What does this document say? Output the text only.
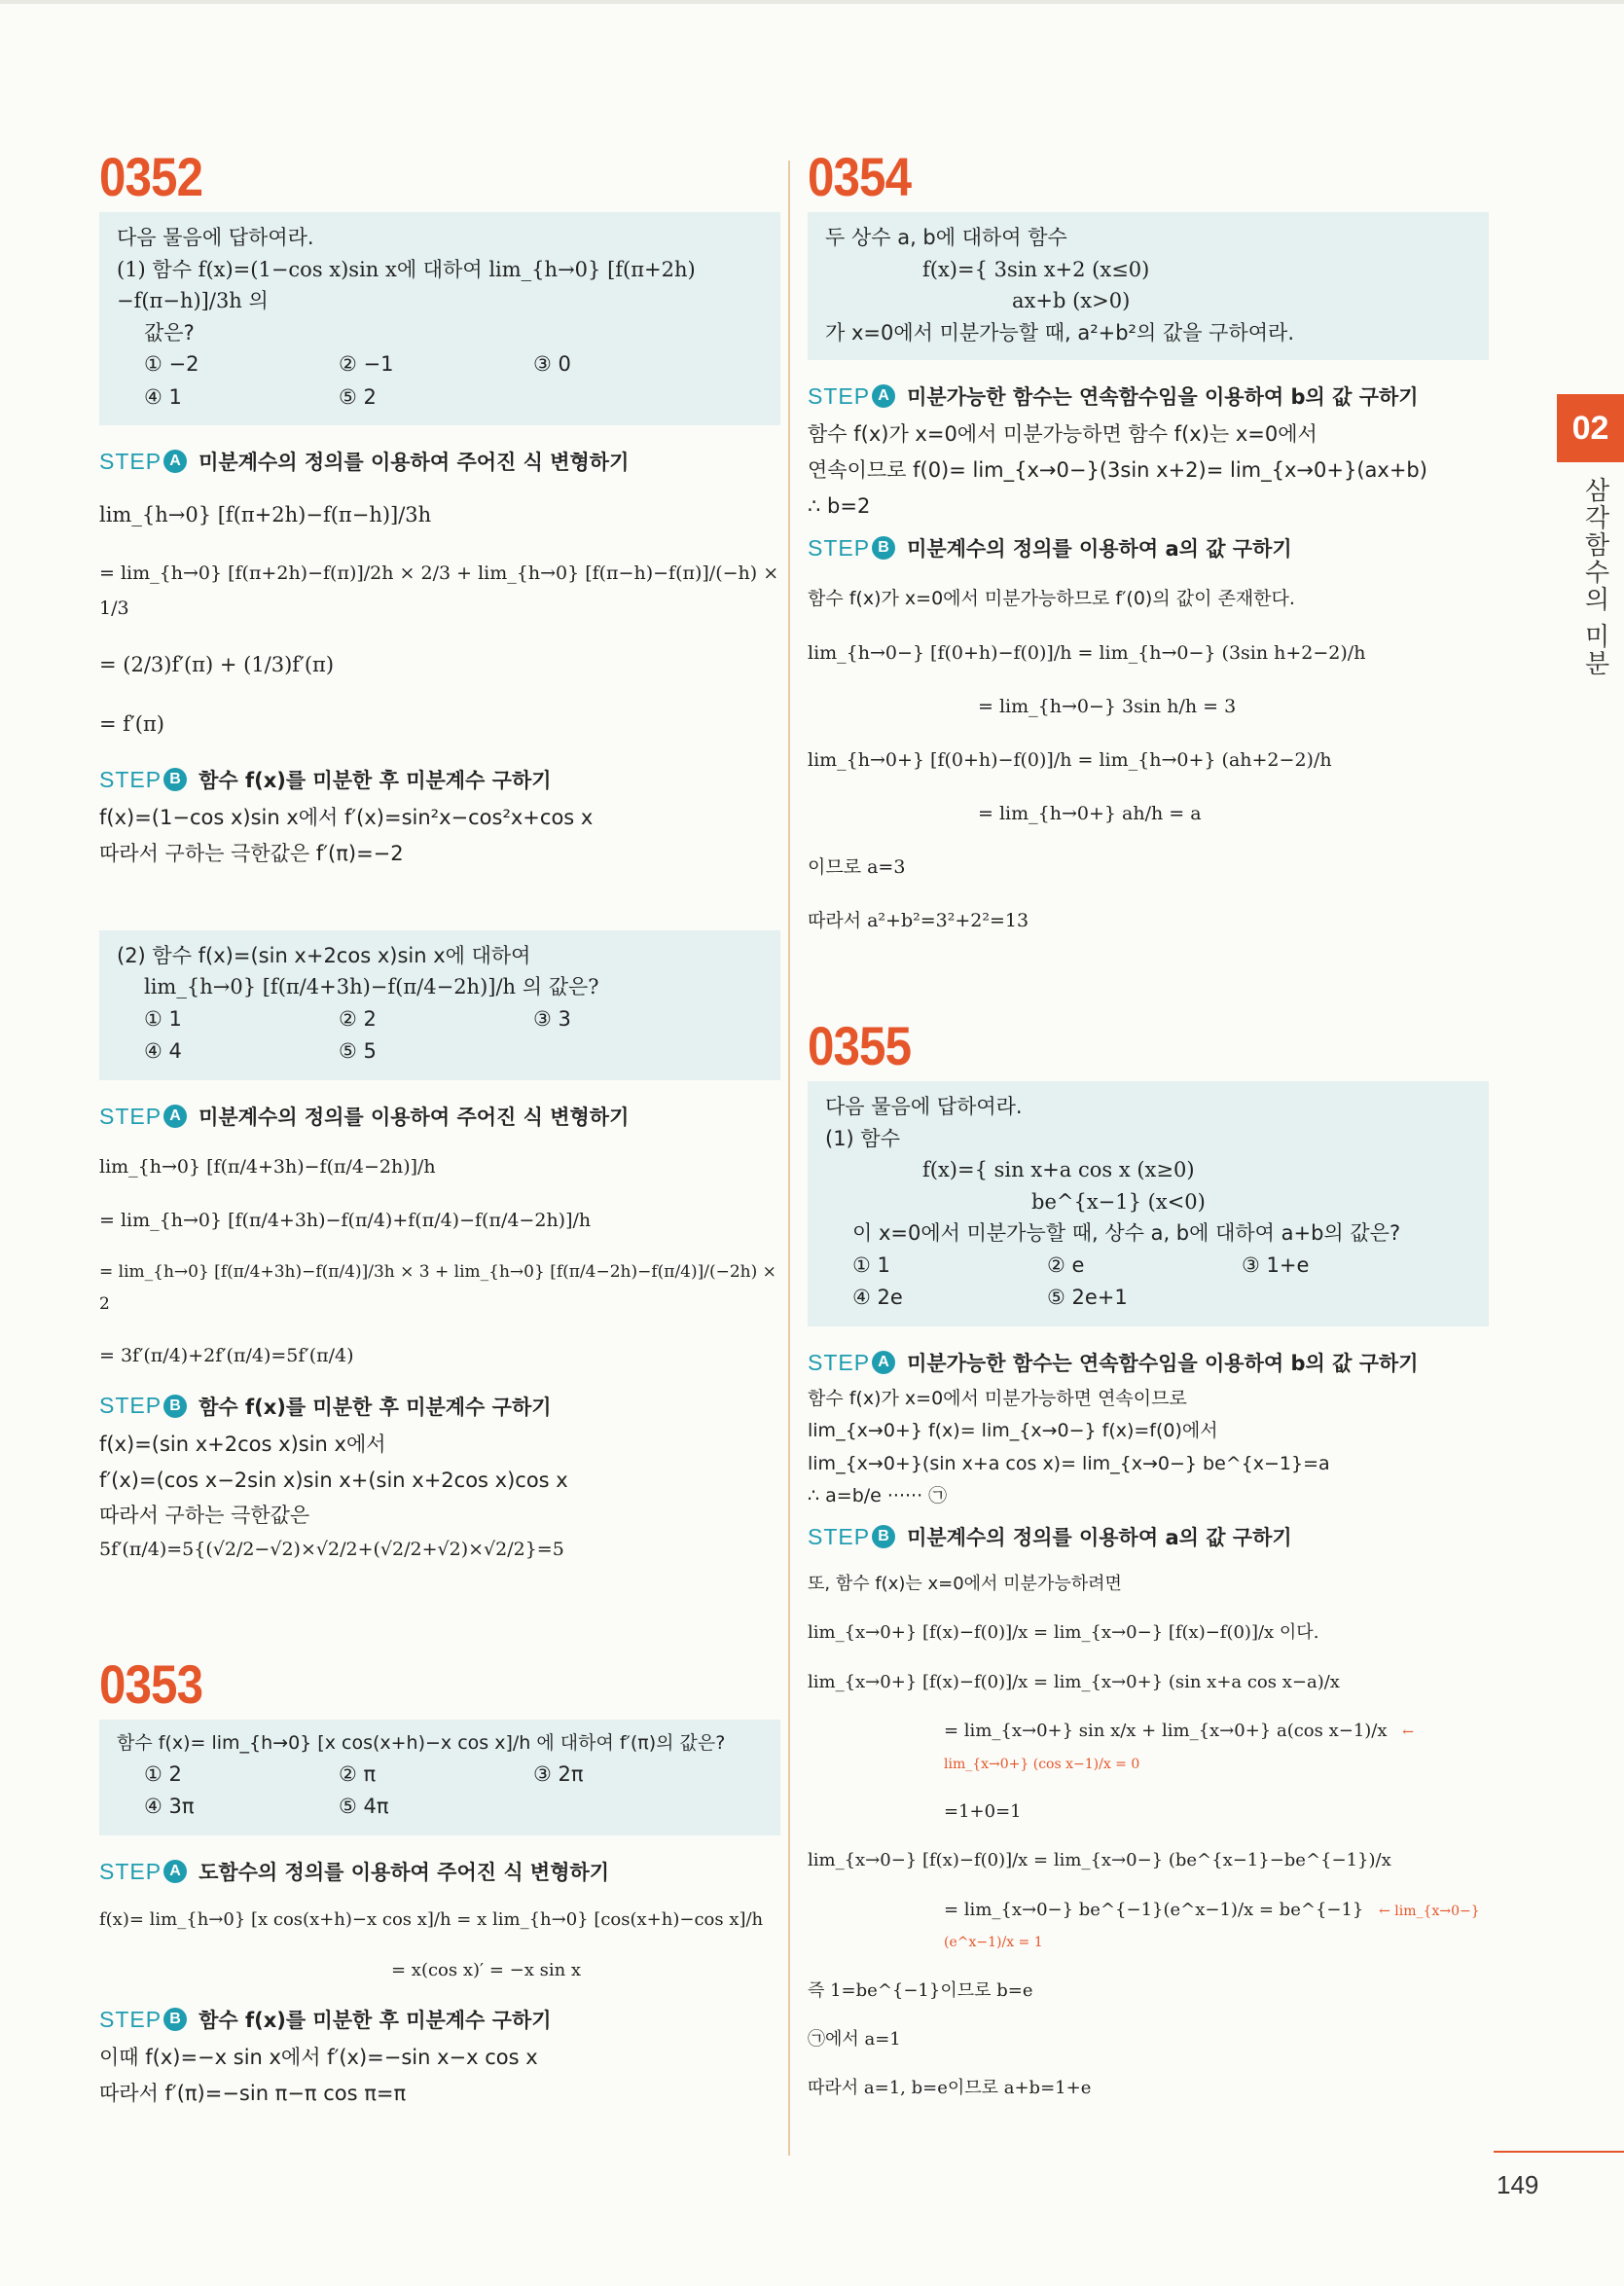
0352

다음 물음에 답하여라.

(1) 함수 f(x)=(1−cos x)sin x에 대하여 lim_{h→0} [f(π+2h)−f(π−h)]/3h 의

값은?

① −2	② −1	③ 0
④ 1	⑤ 2
STEP A 미분계수의 정의를 이용하여 주어진 식 변형하기

lim_{h→0} [f(π+2h)−f(π−h)]/3h

= lim_{h→0} [f(π+2h)−f(π)]/2h × 2/3 + lim_{h→0} [f(π−h)−f(π)]/(−h) × 1/3

= (2/3)f′(π) + (1/3)f′(π)

= f′(π)

STEP B 함수 f(x)를 미분한 후 미분계수 구하기

f(x)=(1−cos x)sin x에서 f′(x)=sin²x−cos²x+cos x

따라서 구하는 극한값은 f′(π)=−2

(2) 함수 f(x)=(sin x+2cos x)sin x에 대하여

lim_{h→0} [f(π/4+3h)−f(π/4−2h)]/h 의 값은?

① 1	② 2	③ 3
④ 4	⑤ 5
STEP A 미분계수의 정의를 이용하여 주어진 식 변형하기

lim_{h→0} [f(π/4+3h)−f(π/4−2h)]/h

= lim_{h→0} [f(π/4+3h)−f(π/4)+f(π/4)−f(π/4−2h)]/h

= lim_{h→0} [f(π/4+3h)−f(π/4)]/3h × 3 + lim_{h→0} [f(π/4−2h)−f(π/4)]/(−2h) × 2

= 3f′(π/4)+2f′(π/4)=5f′(π/4)

STEP B 함수 f(x)를 미분한 후 미분계수 구하기

f(x)=(sin x+2cos x)sin x에서

f′(x)=(cos x−2sin x)sin x+(sin x+2cos x)cos x

따라서 구하는 극한값은

5f′(π/4)=5{(√2/2−√2)×√2/2+(√2/2+√2)×√2/2}=5

0353

함수 f(x)= lim_{h→0} [x cos(x+h)−x cos x]/h 에 대하여 f′(π)의 값은?

① 2	② π	③ 2π
④ 3π	⑤ 4π
STEP A 도함수의 정의를 이용하여 주어진 식 변형하기

f(x)= lim_{h→0} [x cos(x+h)−x cos x]/h = x lim_{h→0} [cos(x+h)−cos x]/h

= x(cos x)′ = −x sin x

STEP B 함수 f(x)를 미분한 후 미분계수 구하기

이때 f(x)=−x sin x에서 f′(x)=−sin x−x cos x

따라서 f′(π)=−sin π−π cos π=π

0354

두 상수 a, b에 대하여 함수

f(x)={ 3sin x+2 (x≤0)

ax+b (x>0)

가 x=0에서 미분가능할 때, a²+b²의 값을 구하여라.

STEP A 미분가능한 함수는 연속함수임을 이용하여 b의 값 구하기

함수 f(x)가 x=0에서 미분가능하면 함수 f(x)는 x=0에서

연속이므로 f(0)= lim_{x→0−}(3sin x+2)= lim_{x→0+}(ax+b)

∴ b=2

STEP B 미분계수의 정의를 이용하여 a의 값 구하기

함수 f(x)가 x=0에서 미분가능하므로 f′(0)의 값이 존재한다.

lim_{h→0−} [f(0+h)−f(0)]/h = lim_{h→0−} (3sin h+2−2)/h

= lim_{h→0−} 3sin h/h = 3

lim_{h→0+} [f(0+h)−f(0)]/h = lim_{h→0+} (ah+2−2)/h

= lim_{h→0+} ah/h = a

이므로 a=3

따라서 a²+b²=3²+2²=13

0355

다음 물음에 답하여라.

(1) 함수

f(x)={ sin x+a cos x (x≥0)

be^{x−1} (x<0)

이 x=0에서 미분가능할 때, 상수 a, b에 대하여 a+b의 값은?

① 1	② e	③ 1+e
④ 2e	⑤ 2e+1
STEP A 미분가능한 함수는 연속함수임을 이용하여 b의 값 구하기

함수 f(x)가 x=0에서 미분가능하면 연속이므로

lim_{x→0+} f(x)= lim_{x→0−} f(x)=f(0)에서

lim_{x→0+}(sin x+a cos x)= lim_{x→0−} be^{x−1}=a

∴ a=b/e ······ ㉠

STEP B 미분계수의 정의를 이용하여 a의 값 구하기

또, 함수 f(x)는 x=0에서 미분가능하려면

lim_{x→0+} [f(x)−f(0)]/x = lim_{x→0−} [f(x)−f(0)]/x 이다.

lim_{x→0+} [f(x)−f(0)]/x = lim_{x→0+} (sin x+a cos x−a)/x

= lim_{x→0+} sin x/x + lim_{x→0+} a(cos x−1)/x ← lim_{x→0+} (cos x−1)/x = 0

=1+0=1

lim_{x→0−} [f(x)−f(0)]/x = lim_{x→0−} (be^{x−1}−be^{−1})/x

= lim_{x→0−} be^{−1}(e^x−1)/x = be^{−1} ← lim_{x→0−} (e^x−1)/x = 1

즉 1=be^{−1}이므로 b=e

㉠에서 a=1

따라서 a=1, b=e이므로 a+b=1+e

02
삼각함수의 미분
149
